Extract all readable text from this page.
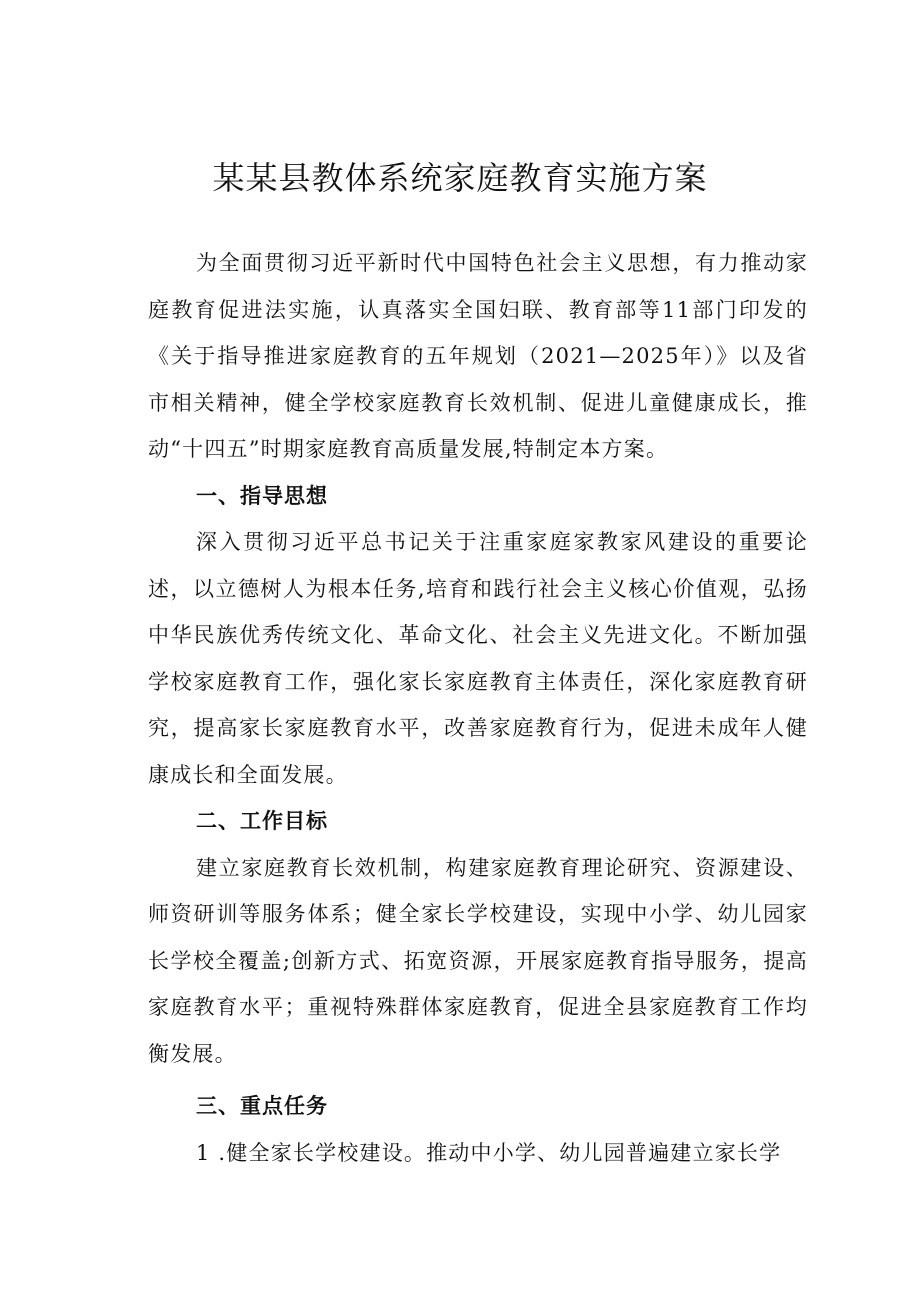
某某县教体系统家庭教育实施方案

为全面贯彻习近平新时代中国特色社会主义思想，有力推动家庭教育促进法实施，认真落实全国妇联、教育部等11部门印发的《关于指导推进家庭教育的五年规划（2021—2025年）》以及省市相关精神，健全学校家庭教育长效机制、促进儿童健康成长，推动“十四五”时期家庭教育高质量发展,特制定本方案。

一、指导思想

深入贯彻习近平总书记关于注重家庭家教家风建设的重要论述，以立德树人为根本任务,培育和践行社会主义核心价值观，弘扬中华民族优秀传统文化、革命文化、社会主义先进文化。不断加强学校家庭教育工作，强化家长家庭教育主体责任，深化家庭教育研究，提高家长家庭教育水平，改善家庭教育行为，促进未成年人健康成长和全面发展。

二、工作目标

建立家庭教育长效机制，构建家庭教育理论研究、资源建设、师资研训等服务体系；健全家长学校建设，实现中小学、幼儿园家长学校全覆盖;创新方式、拓宽资源，开展家庭教育指导服务，提高家庭教育水平；重视特殊群体家庭教育，促进全县家庭教育工作均衡发展。

三、重点任务

1 .健全家长学校建设。推动中小学、幼儿园普遍建立家长学
